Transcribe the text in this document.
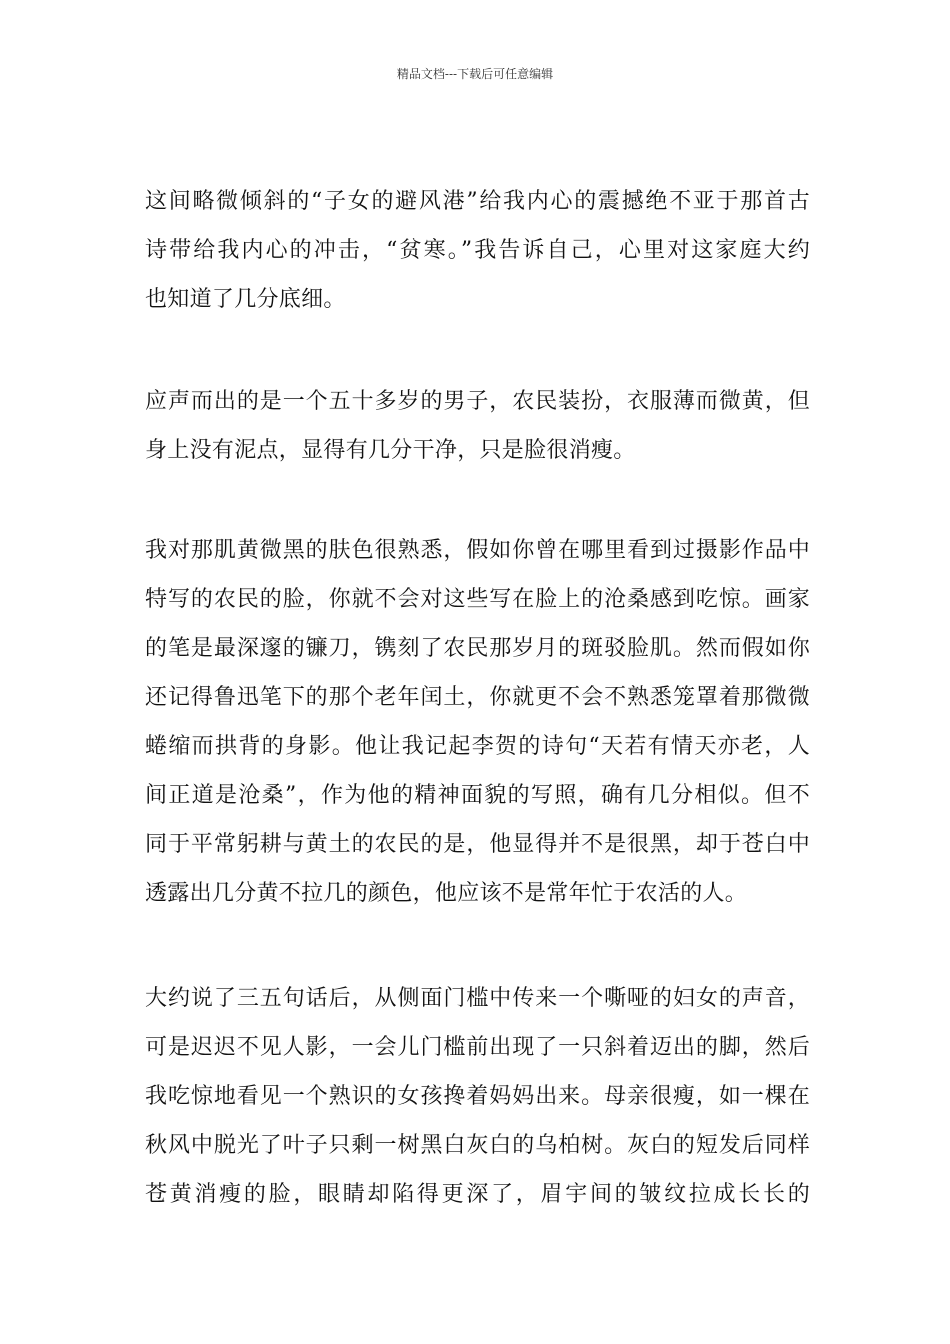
精品文档---下载后可任意编辑
这间略微倾斜的“子女的避风港”给我内心的震撼绝不亚于那首古
诗带给我内心的冲击，“贫寒。”我告诉自己，心里对这家庭大约
也知道了几分底细。
应声而出的是一个五十多岁的男子，农民装扮，衣服薄而微黄，但
身上没有泥点，显得有几分干净，只是脸很消瘦。
我对那肌黄微黑的肤色很熟悉，假如你曾在哪里看到过摄影作品中
特写的农民的脸，你就不会对这些写在脸上的沧桑感到吃惊。画家
的笔是最深邃的镰刀，镌刻了农民那岁月的斑驳脸肌。然而假如你
还记得鲁迅笔下的那个老年闰土，你就更不会不熟悉笼罩着那微微
蜷缩而拱背的身影。他让我记起李贺的诗句“天若有情天亦老，人
间正道是沧桑”，作为他的精神面貌的写照，确有几分相似。但不
同于平常躬耕与黄土的农民的是，他显得并不是很黑，却于苍白中
透露出几分黄不拉几的颜色，他应该不是常年忙于农活的人。
大约说了三五句话后，从侧面门槛中传来一个嘶哑的妇女的声音，
可是迟迟不见人影，一会儿门槛前出现了一只斜着迈出的脚，然后
我吃惊地看见一个熟识的女孩搀着妈妈出来。母亲很瘦，如一棵在
秋风中脱光了叶子只剩一树黑白灰白的乌柏树。灰白的短发后同样
苍黄消瘦的脸，眼睛却陷得更深了，眉宇间的皱纹拉成长长的
